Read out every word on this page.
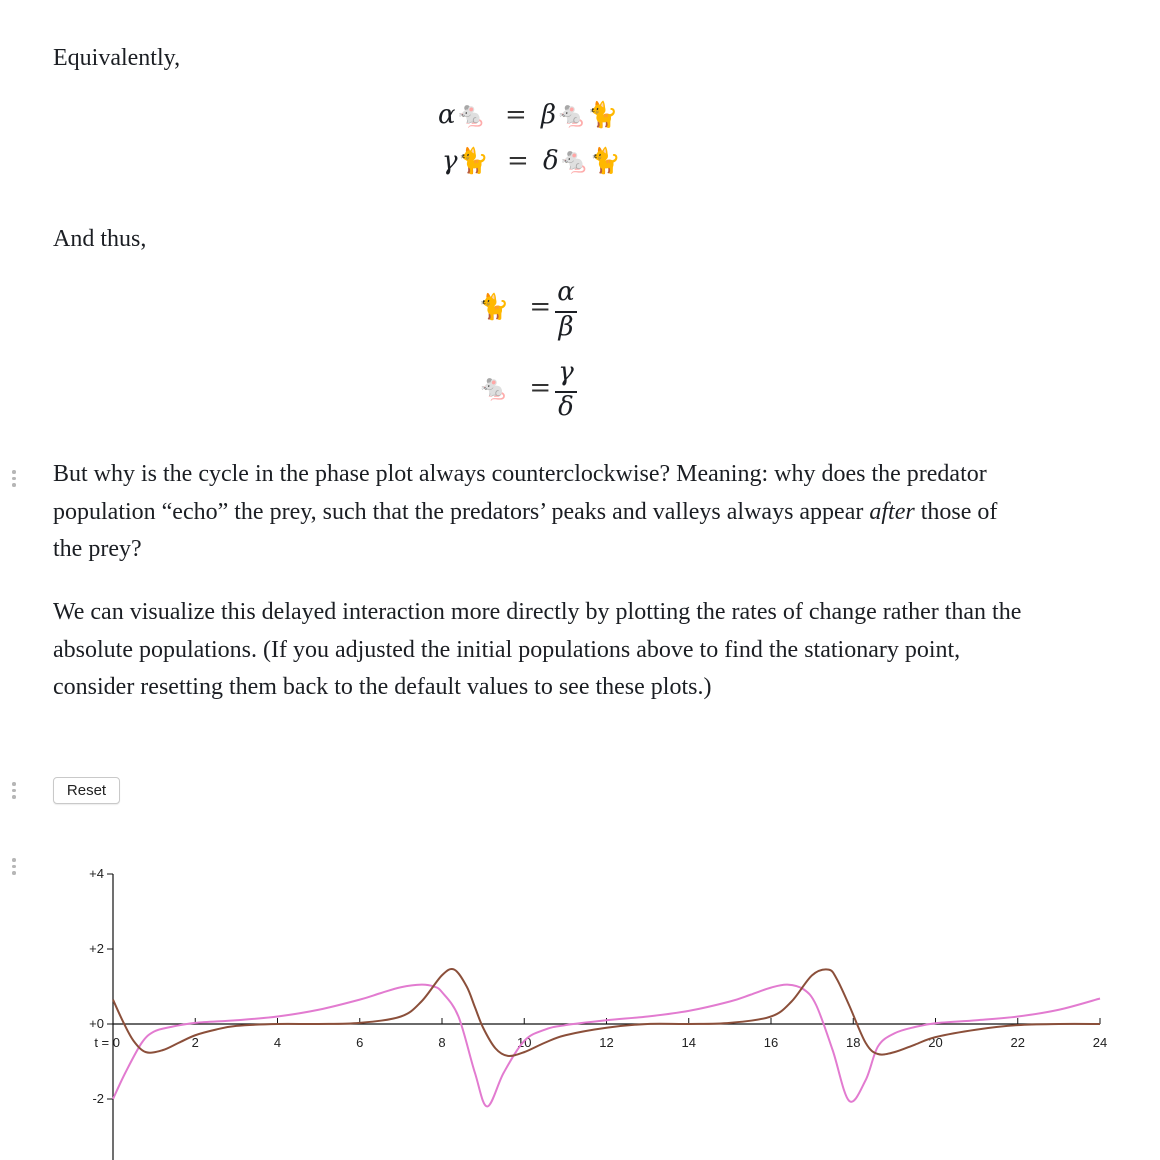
Equivalently,

α🐁 = β🐁🐈
γ🐈 = δ🐁🐈

And thus,

🐈 = α
β
🐁 =
γ
δ

But why is the cycle in the phase plot always counterclockwise? Meaning: why does the predator population “echo” the prey, such that the predators’ peaks and valleys always appear after those of the prey?

We can visualize this delayed interaction more directly by plotting the rates of change rather than the absolute populations. (If you adjusted the initial populations above to find the stationary point, consider resetting them back to the default values to see these plots.)

Reset
+4
+2
+0
-2
t = 0	2	4	6	8	10	12	14	16	18	20	22	24
